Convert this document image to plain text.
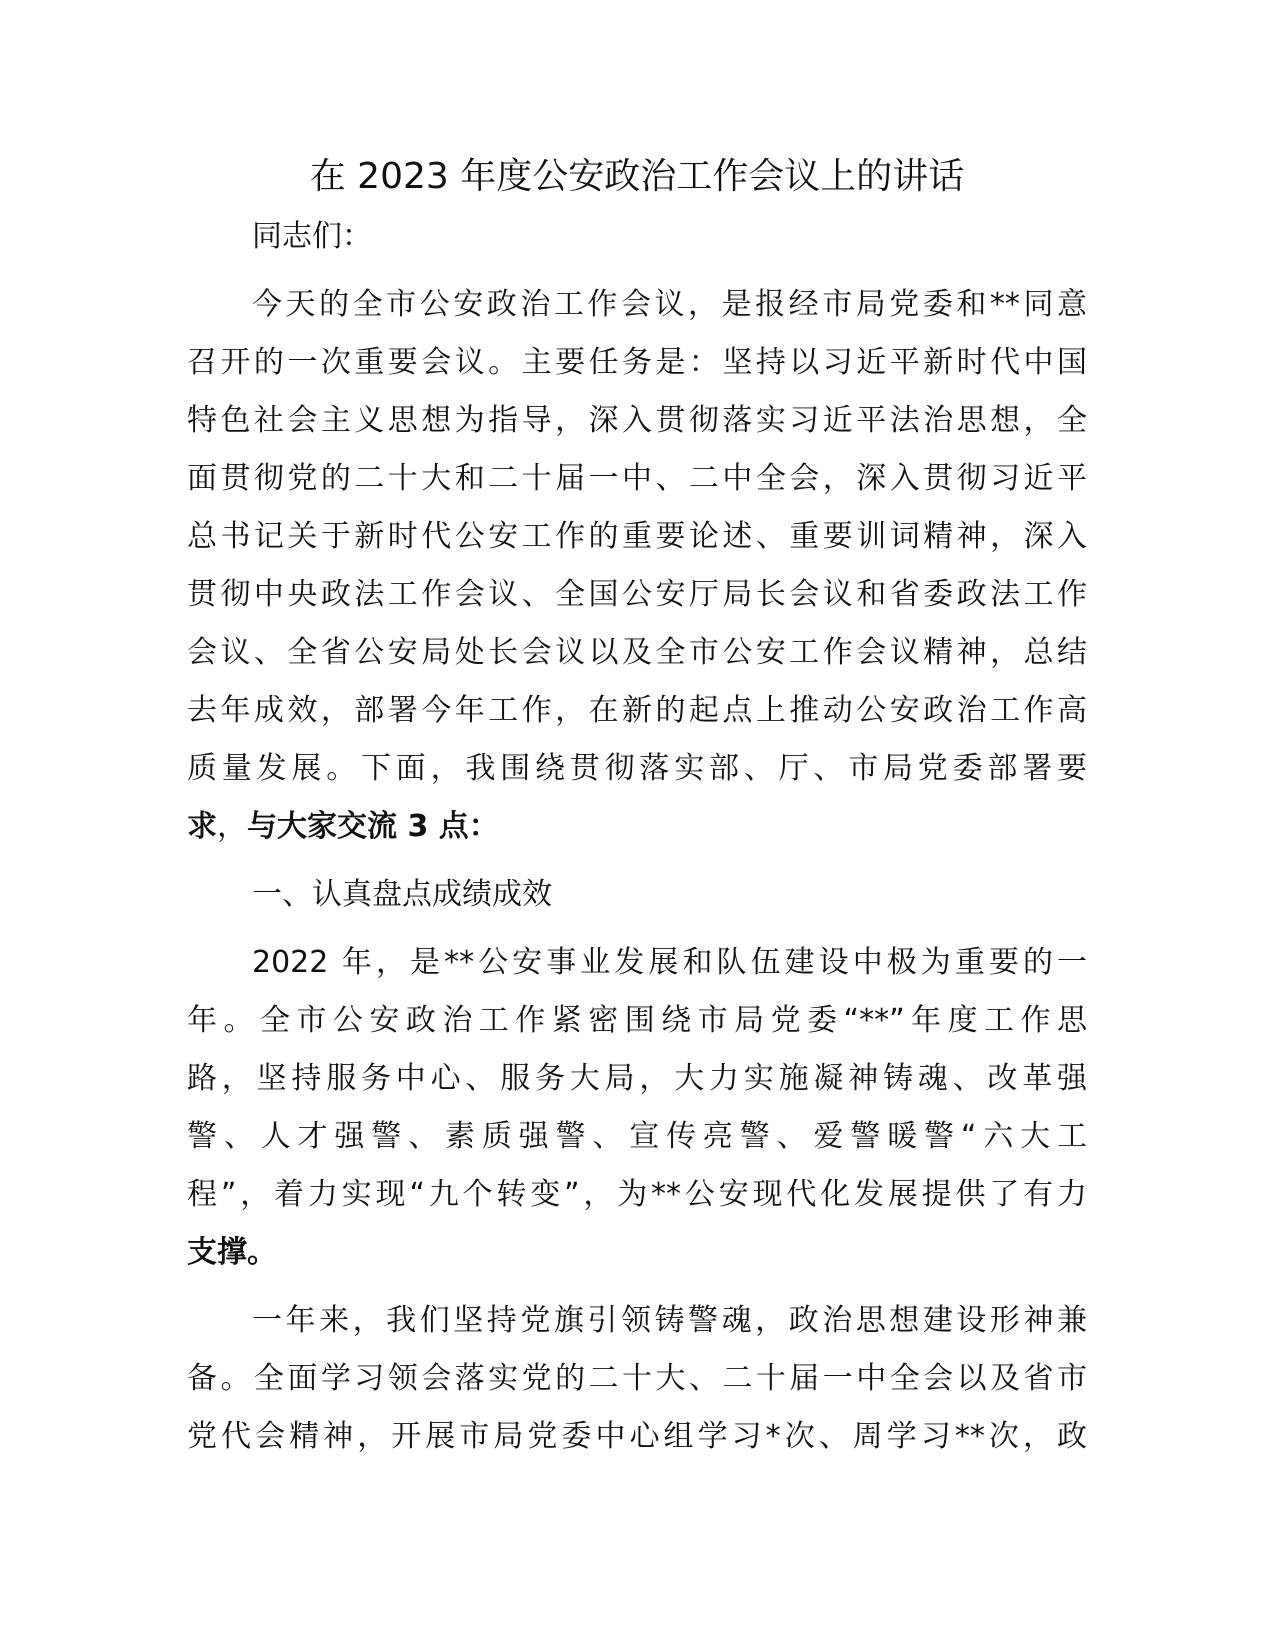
在 2023 年度公安政治工作会议上的讲话

同志们：

今天的全市公安政治工作会议，是报经市局党委和**同意
召开的一次重要会议。主要任务是：坚持以习近平新时代中国
特色社会主义思想为指导，深入贯彻落实习近平法治思想，全
面贯彻党的二十大和二十届一中、二中全会，深入贯彻习近平
总书记关于新时代公安工作的重要论述、重要训词精神，深入
贯彻中央政法工作会议、全国公安厅局长会议和省委政法工作
会议、全省公安局处长会议以及全市公安工作会议精神，总结
去年成效，部署今年工作，在新的起点上推动公安政治工作高
质量发展。下面，我围绕贯彻落实部、厅、市局党委部署要
求，与大家交流 3 点：

一、认真盘点成绩成效

2022 年，是**公安事业发展和队伍建设中极为重要的一
年。全市公安政治工作紧密围绕市局党委“**”年度工作思
路，坚持服务中心、服务大局，大力实施凝神铸魂、改革强
警、人才强警、素质强警、宣传亮警、爱警暖警“六大工
程”，着力实现“九个转变”，为**公安现代化发展提供了有力
支撑。
一年来，我们坚持党旗引领铸警魂，政治思想建设形神兼
备。全面学习领会落实党的二十大、二十届一中全会以及省市
党代会精神，开展市局党委中心组学习*次、周学习**次，政
